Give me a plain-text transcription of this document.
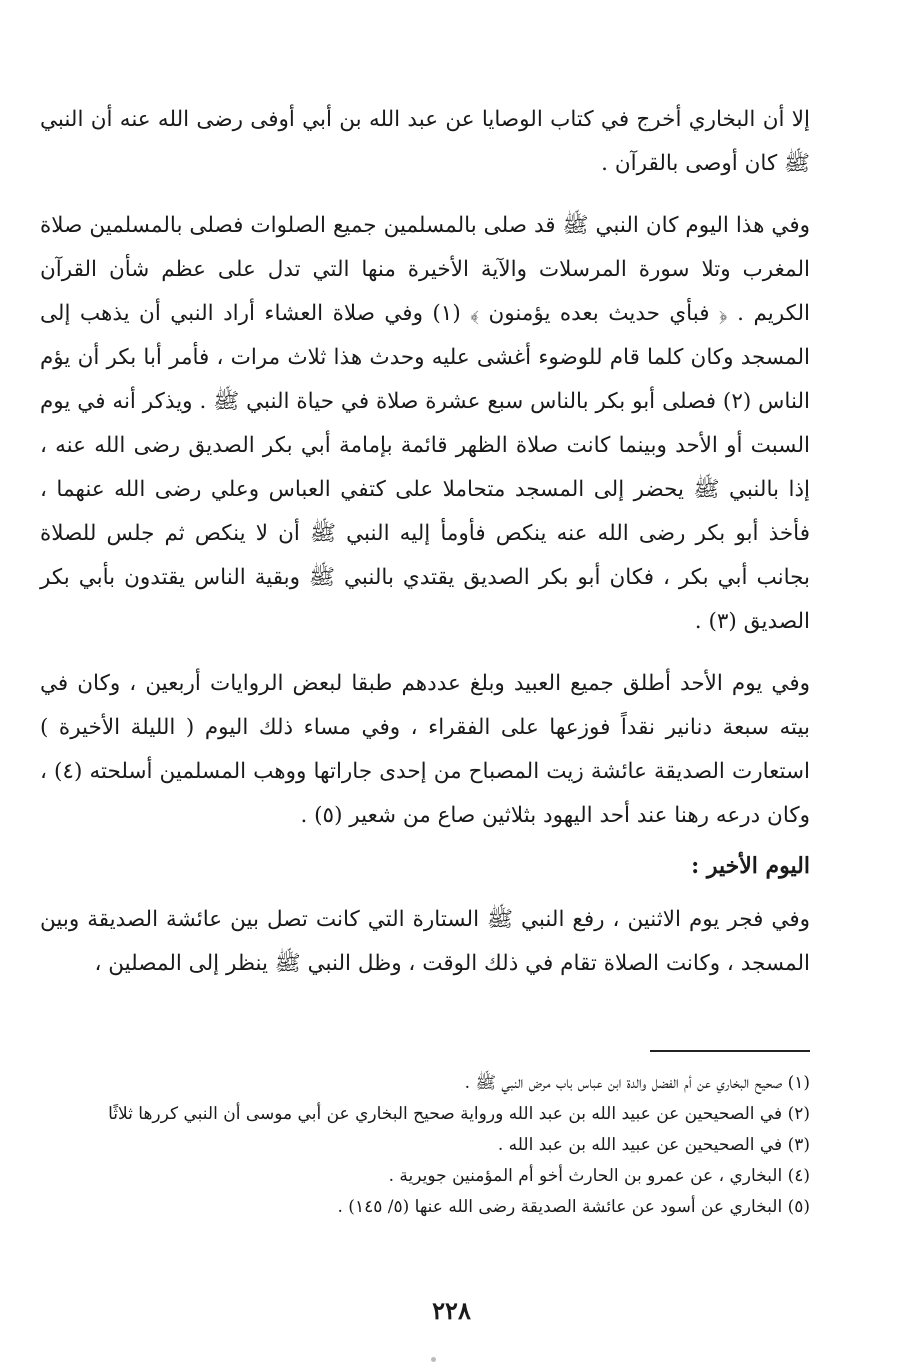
إلا أن البخاري أخرج في كتاب الوصايا عن عبد الله بن أبي أوفى رضى الله عنه أن النبي ﷺ كان أوصى بالقرآن .

وفي هذا اليوم كان النبي ﷺ قد صلى بالمسلمين جميع الصلوات فصلى بالمسلمين صلاة المغرب وتلا سورة المرسلات والآية الأخيرة منها التي تدل على عظم شأن القرآن الكريم . ﴿ فبأي حديث بعده يؤمنون ﴾ (١) وفي صلاة العشاء أراد النبي أن يذهب إلى المسجد وكان كلما قام للوضوء أغشى عليه وحدث هذا ثلاث مرات ، فأمر أبا بكر أن يؤم الناس (٢) فصلى أبو بكر بالناس سبع عشرة صلاة في حياة النبي ﷺ . ويذكر أنه في يوم السبت أو الأحد وبينما كانت صلاة الظهر قائمة بإمامة أبي بكر الصديق رضى الله عنه ، إذا بالنبي ﷺ يحضر إلى المسجد متحاملا على كتفي العباس وعلي رضى الله عنهما ، فأخذ أبو بكر رضى الله عنه ينكص فأومأ إليه النبي ﷺ أن لا ينكص ثم جلس للصلاة بجانب أبي بكر ، فكان أبو بكر الصديق يقتدي بالنبي ﷺ وبقية الناس يقتدون بأبي بكر الصديق (٣) .

وفي يوم الأحد أطلق جميع العبيد وبلغ عددهم طبقا لبعض الروايات أربعين ، وكان في بيته سبعة دنانير نقداً فوزعها على الفقراء ، وفي مساء ذلك اليوم ( الليلة الأخيرة ) استعارت الصديقة عائشة زيت المصباح من إحدى جاراتها ووهب المسلمين أسلحته (٤) ، وكان درعه رهنا عند أحد اليهود بثلاثين صاع من شعير (٥) .

اليوم الأخير :

وفي فجر يوم الاثنين ، رفع النبي ﷺ الستارة التي كانت تصل بين عائشة الصديقة وبين المسجد ، وكانت الصلاة تقام في ذلك الوقت ، وظل النبي ﷺ ينظر إلى المصلين ،

(١) صحيح البخاري عن أم الفضل والدة ابن عباس باب مرض النبي ﷺ .

(٢) في الصحيحين عن عبيد الله بن عبد الله ورواية صحيح البخاري عن أبي موسى أن النبي كررها ثلاثًا

(٣) في الصحيحين عن عبيد الله بن عبد الله .

(٤) البخاري ، عن عمرو بن الحارث أخو أم المؤمنين جويرية .

(٥) البخاري عن أسود عن عائشة الصديقة رضى الله عنها (٥/ ١٤٥) .

٢٢٨
